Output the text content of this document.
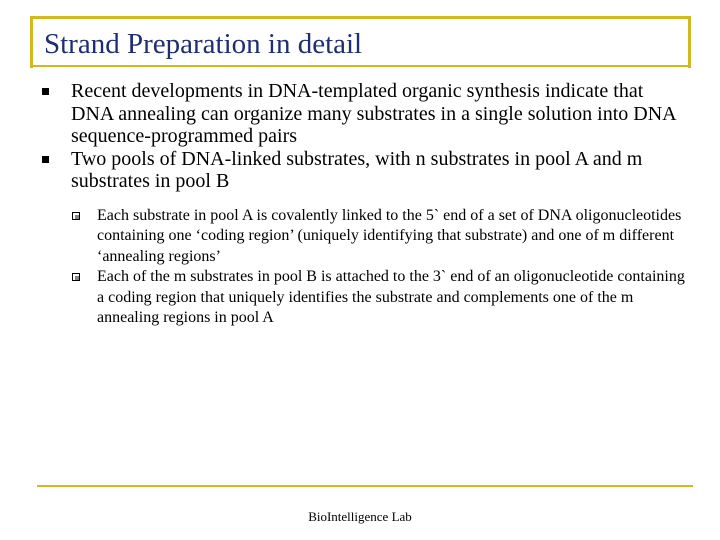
Strand Preparation in detail
Recent developments in DNA-templated organic synthesis indicate that DNA annealing can organize many substrates in a single solution into DNA sequence-programmed pairs
Two pools of DNA-linked substrates, with n substrates in pool A and m substrates in pool B
Each substrate in pool A is covalently linked to the 5` end of a set of DNA oligonucleotides containing one ‘coding region’ (uniquely identifying that substrate) and one of m different ‘annealing regions’
Each of the m substrates in pool B is attached to the 3` end of an oligonucleotide containing a coding region that uniquely identifies the substrate and complements one of the m annealing regions in pool A
BioIntelligence Lab
